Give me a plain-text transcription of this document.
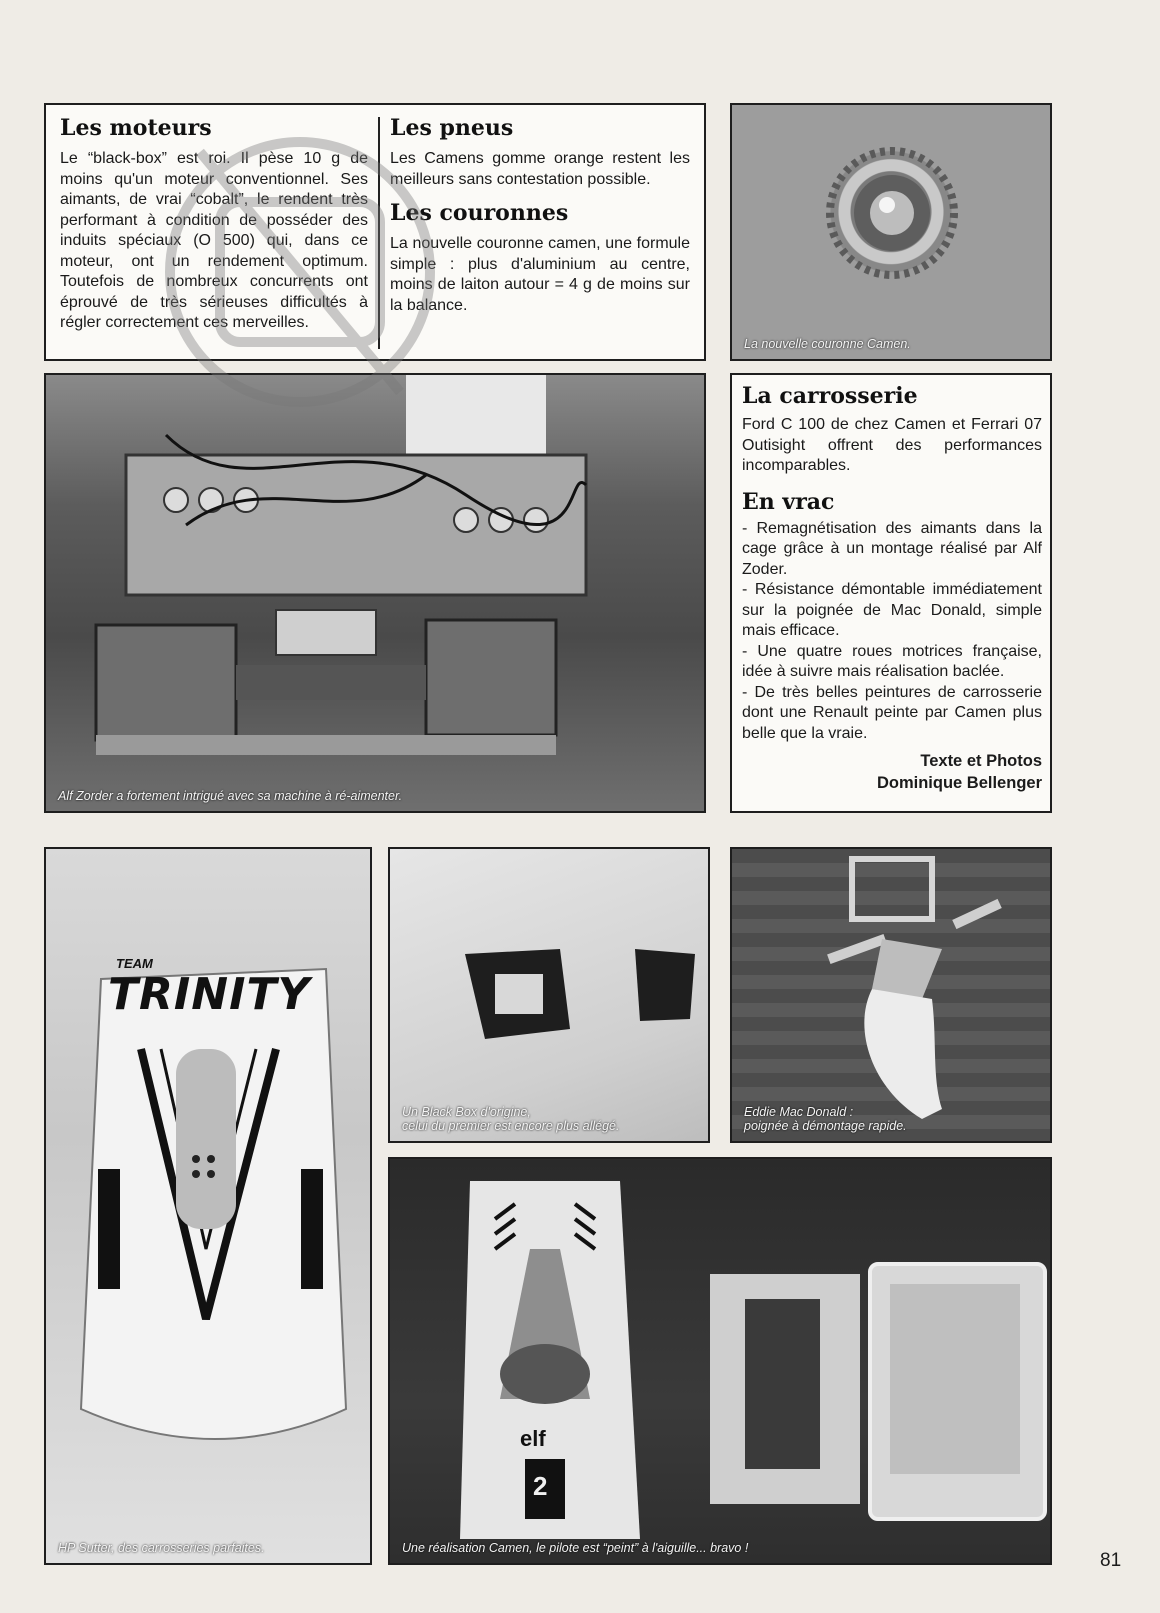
Les moteurs

Le “black-box” est roi. Il pèse 10 g de moins qu'un moteur conventionnel. Ses aimants, de vrai “cobalt”, le rendent très performant à condition de posséder des induits spéciaux (O 500) qui, dans ce moteur, ont un rendement optimum. Toutefois de nombreux concurrents ont éprouvé de très sérieuses difficultés à régler correctement ces merveilles.

Les pneus

Les Camens gomme orange restent les meilleurs sans contestation possible.

Les couronnes

La nouvelle couronne camen, une formule simple : plus d'aluminium au centre, moins de laiton autour = 4 g de moins sur la balance.

La nouvelle couronne Camen.
Alf Zorder a fortement intrigué avec sa machine à ré-aimenter.
La carrosserie

Ford C 100 de chez Camen et Ferrari 07 Outisight offrent des performances incomparables.

En vrac

- Remagnétisation des aimants dans la cage grâce à un montage réalisé par Alf Zoder.

- Résistance démontable immédiatement sur la poignée de Mac Donald, simple mais efficace.

- Une quatre roues motrices française, idée à suivre mais réalisation baclée.

- De très belles peintures de carrosserie dont une Renault peinte par Camen plus belle que la vraie.

Texte et Photos
Dominique Bellenger
TEAM
TRINITY
HP Sutter, des carrosseries parfaites.
Un Black Box d'origine,
celui du premier est encore plus allégé.
Eddie Mac Donald :
poignée à démontage rapide.
elf
2
Une réalisation Camen, le pilote est “peint” à l'aiguille... bravo !
81
